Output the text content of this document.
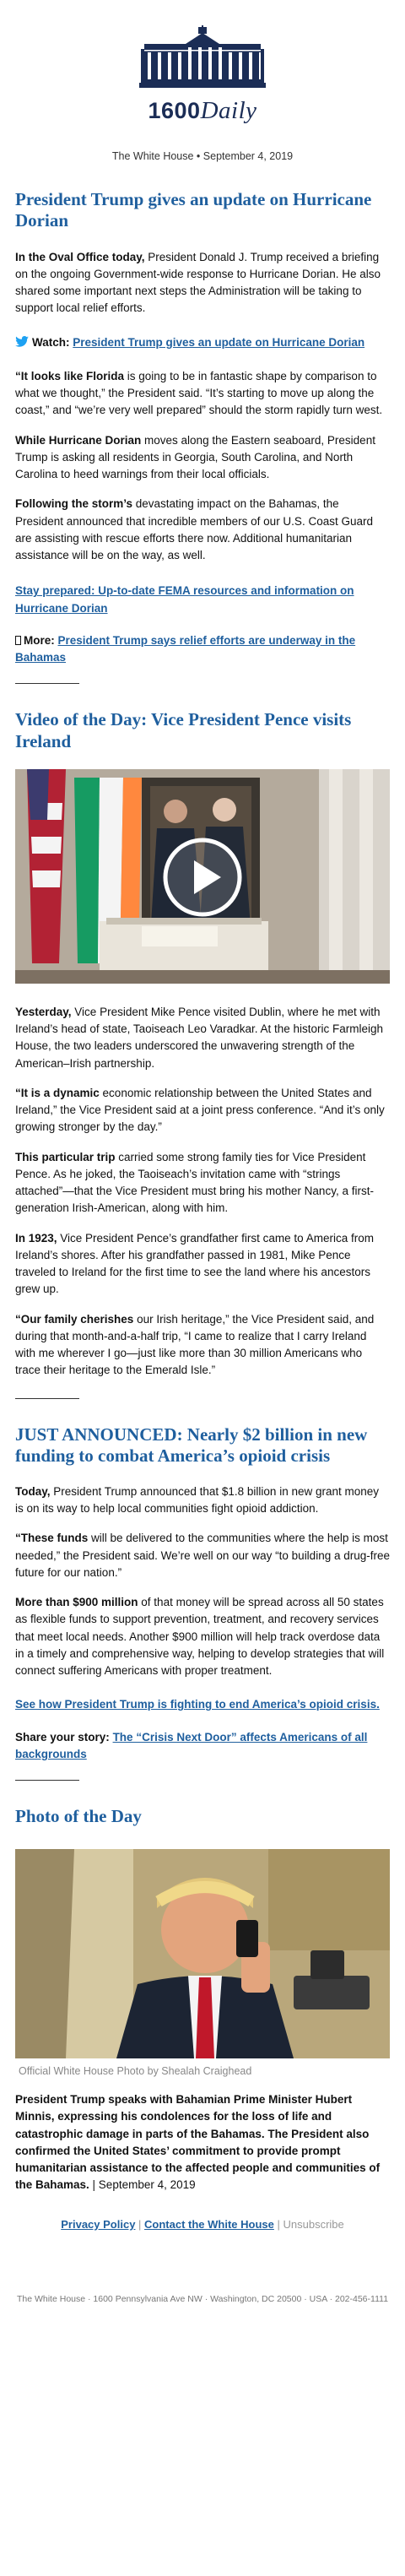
1600Daily
The White House • September 4, 2019
President Trump gives an update on Hurricane Dorian

In the Oval Office today, President Donald J. Trump received a briefing on the ongoing Government-wide response to Hurricane Dorian. He also shared some important next steps the Administration will be taking to support local relief efforts.

Watch: President Trump gives an update on Hurricane Dorian

“It looks like Florida is going to be in fantastic shape by comparison to what we thought,” the President said. “It’s starting to move up along the coast,” and “we’re very well prepared” should the storm rapidly turn west.

While Hurricane Dorian moves along the Eastern seaboard, President Trump is asking all residents in Georgia, South Carolina, and North Carolina to heed warnings from their local officials.

Following the storm’s devastating impact on the Bahamas, the President announced that incredible members of our U.S. Coast Guard are assisting with rescue efforts there now. Additional humanitarian assistance will be on the way, as well.

Stay prepared: Up-to-date FEMA resources and information on Hurricane Dorian

More: President Trump says relief efforts are underway in the Bahamas

Video of the Day: Vice President Pence visits Ireland

Yesterday, Vice President Mike Pence visited Dublin, where he met with Ireland’s head of state, Taoiseach Leo Varadkar. At the historic Farmleigh House, the two leaders underscored the unwavering strength of the American–Irish partnership.

“It is a dynamic economic relationship between the United States and Ireland,” the Vice President said at a joint press conference. “And it’s only growing stronger by the day.”

This particular trip carried some strong family ties for Vice President Pence. As he joked, the Taoiseach’s invitation came with “strings attached”—that the Vice President must bring his mother Nancy, a first-generation Irish-American, along with him.

In 1923, Vice President Pence’s grandfather first came to America from Ireland’s shores. After his grandfather passed in 1981, Mike Pence traveled to Ireland for the first time to see the land where his ancestors grew up.

“Our family cherishes our Irish heritage,” the Vice President said, and during that month-and-a-half trip, “I came to realize that I carry Ireland with me wherever I go—just like more than 30 million Americans who trace their heritage to the Emerald Isle.”

JUST ANNOUNCED: Nearly $2 billion in new funding to combat America’s opioid crisis

Today, President Trump announced that $1.8 billion in new grant money is on its way to help local communities fight opioid addiction.

“These funds will be delivered to the communities where the help is most needed,” the President said. We’re well on our way “to building a drug-free future for our nation.”

More than $900 million of that money will be spread across all 50 states as flexible funds to support prevention, treatment, and recovery services that meet local needs. Another $900 million will help track overdose data in a timely and comprehensive way, helping to develop strategies that will connect suffering Americans with proper treatment.

See how President Trump is fighting to end America’s opioid crisis.

Share your story: The “Crisis Next Door” affects Americans of all backgrounds

Photo of the Day

Official White House Photo by Shealah Craighead

President Trump speaks with Bahamian Prime Minister Hubert Minnis, expressing his condolences for the loss of life and catastrophic damage in parts of the Bahamas. The President also confirmed the United States’ commitment to provide prompt humanitarian assistance to the affected people and communities of the Bahamas. | September 4, 2019

Privacy Policy | Contact the White House | Unsubscribe
The White House · 1600 Pennsylvania Ave NW · Washington, DC 20500 · USA · 202-456-1111
